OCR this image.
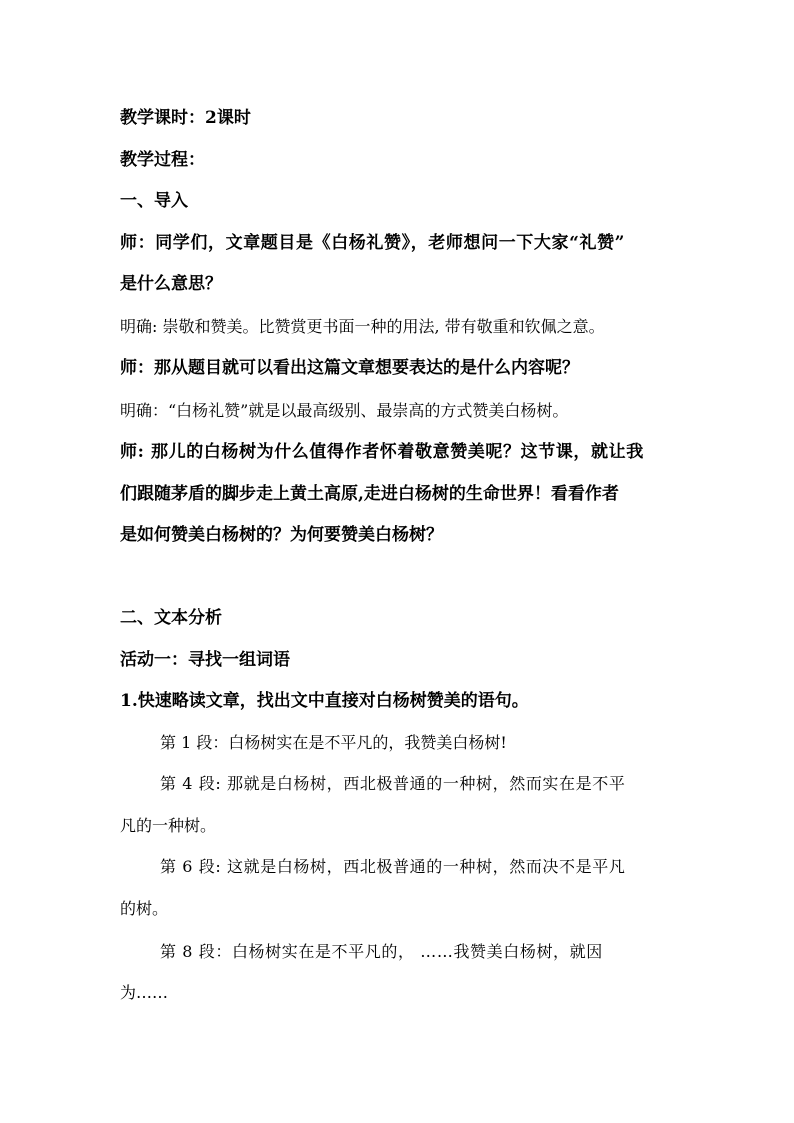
教学课时：2课时
教学过程：
一、导入
师：同学们，文章题目是《白杨礼赞》，老师想问一下大家“礼赞”
是什么意思？
明确: 崇敬和赞美。比赞赏更书面一种的用法, 带有敬重和钦佩之意。
师：那从题目就可以看出这篇文章想要表达的是什么内容呢？
明确：“白杨礼赞”就是以最高级别、最崇高的方式赞美白杨树。
师: 那儿的白杨树为什么值得作者怀着敬意赞美呢？这节课，就让我
们跟随茅盾的脚步走上黄土高原,走进白杨树的生命世界！看看作者
是如何赞美白杨树的？为何要赞美白杨树？
二、文本分析
活动一：寻找一组词语
1.快速略读文章，找出文中直接对白杨树赞美的语句。
第 1 段：白杨树实在是不平凡的，我赞美白杨树!
第 4 段: 那就是白杨树，西北极普通的一种树，然而实在是不平
凡的一种树。
第 6 段: 这就是白杨树，西北极普通的一种树，然而决不是平凡
的树。
第 8 段：白杨树实在是不平凡的， ……我赞美白杨树，就因
为……
